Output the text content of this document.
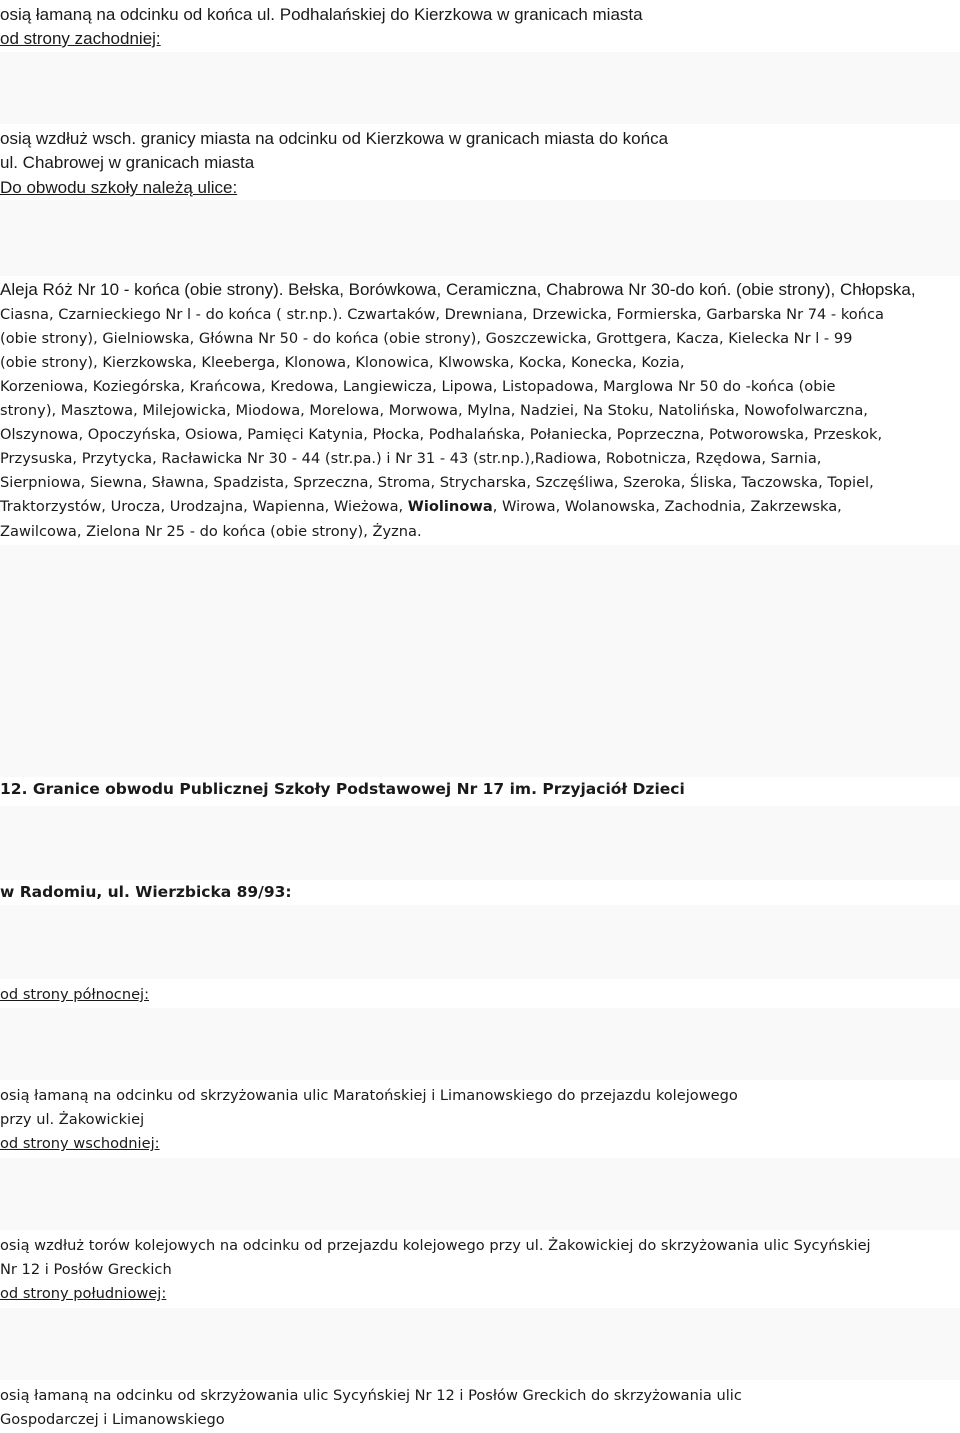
osią łamaną na odcinku od końca ul. Podhalańskiej do Kierzkowa w granicach miasta

od strony zachodniej:

osią wzdłuż wsch. granicy miasta na odcinku od Kierzkowa w granicach miasta do końca

ul. Chabrowej w granicach miasta

Do obwodu szkoły należą ulice:

Aleja Róż Nr 10 - końca (obie strony). Bełska, Borówkowa, Ceramiczna, Chabrowa Nr 30-do koń. (obie strony), Chłopska,

Ciasna, Czarnieckiego Nr l - do końca ( str.np.). Czwartaków, Drewniana, Drzewicka, Formierska, Garbarska Nr 74 - końca

(obie strony), Gielniowska, Główna Nr 50 - do końca (obie strony), Goszczewicka, Grottgera, Kacza, Kielecka Nr l - 99

(obie strony), Kierzkowska, Kleeberga, Klonowa, Klonowica, Klwowska, Kocka, Konecka, Kozia,

Korzeniowa, Koziegórska, Krańcowa, Kredowa, Langiewicza, Lipowa, Listopadowa, Marglowa Nr 50 do -końca (obie

strony), Masztowa, Milejowicka, Miodowa, Morelowa, Morwowa, Mylna, Nadziei, Na Stoku, Natolińska, Nowofolwarczna,

Olszynowa, Opoczyńska, Osiowa, Pamięci Katynia, Płocka, Podhalańska, Połaniecka, Poprzeczna, Potworowska, Przeskok,

Przysuska, Przytycka, Racławicka Nr 30 - 44 (str.pa.) i Nr 31 - 43 (str.np.),Radiowa, Robotnicza, Rzędowa, Sarnia,

Sierpniowa, Siewna, Sławna, Spadzista, Sprzeczna, Stroma, Strycharska, Szczęśliwa, Szeroka, Śliska, Taczowska, Topiel,

Traktorzystów, Urocza, Urodzajna, Wapienna, Wieżowa, Wiolinowa, Wirowa, Wolanowska, Zachodnia, Zakrzewska,

Zawilcowa, Zielona Nr 25 - do końca (obie strony), Żyzna.

12. Granice obwodu Publicznej Szkoły Podstawowej Nr 17 im. Przyjaciół Dzieci

w Radomiu, ul. Wierzbicka 89/93:

od strony północnej:

osią łamaną na odcinku od skrzyżowania ulic Maratońskiej i Limanowskiego do przejazdu kolejowego

przy ul. Żakowickiej

od strony wschodniej:

osią wzdłuż torów kolejowych na odcinku od przejazdu kolejowego przy ul. Żakowickiej do skrzyżowania ulic Sycyńskiej

Nr 12 i Posłów Greckich

od strony południowej:

osią łamaną na odcinku od skrzyżowania ulic Sycyńskiej Nr 12 i Posłów Greckich do skrzyżowania ulic

Gospodarczej i Limanowskiego
